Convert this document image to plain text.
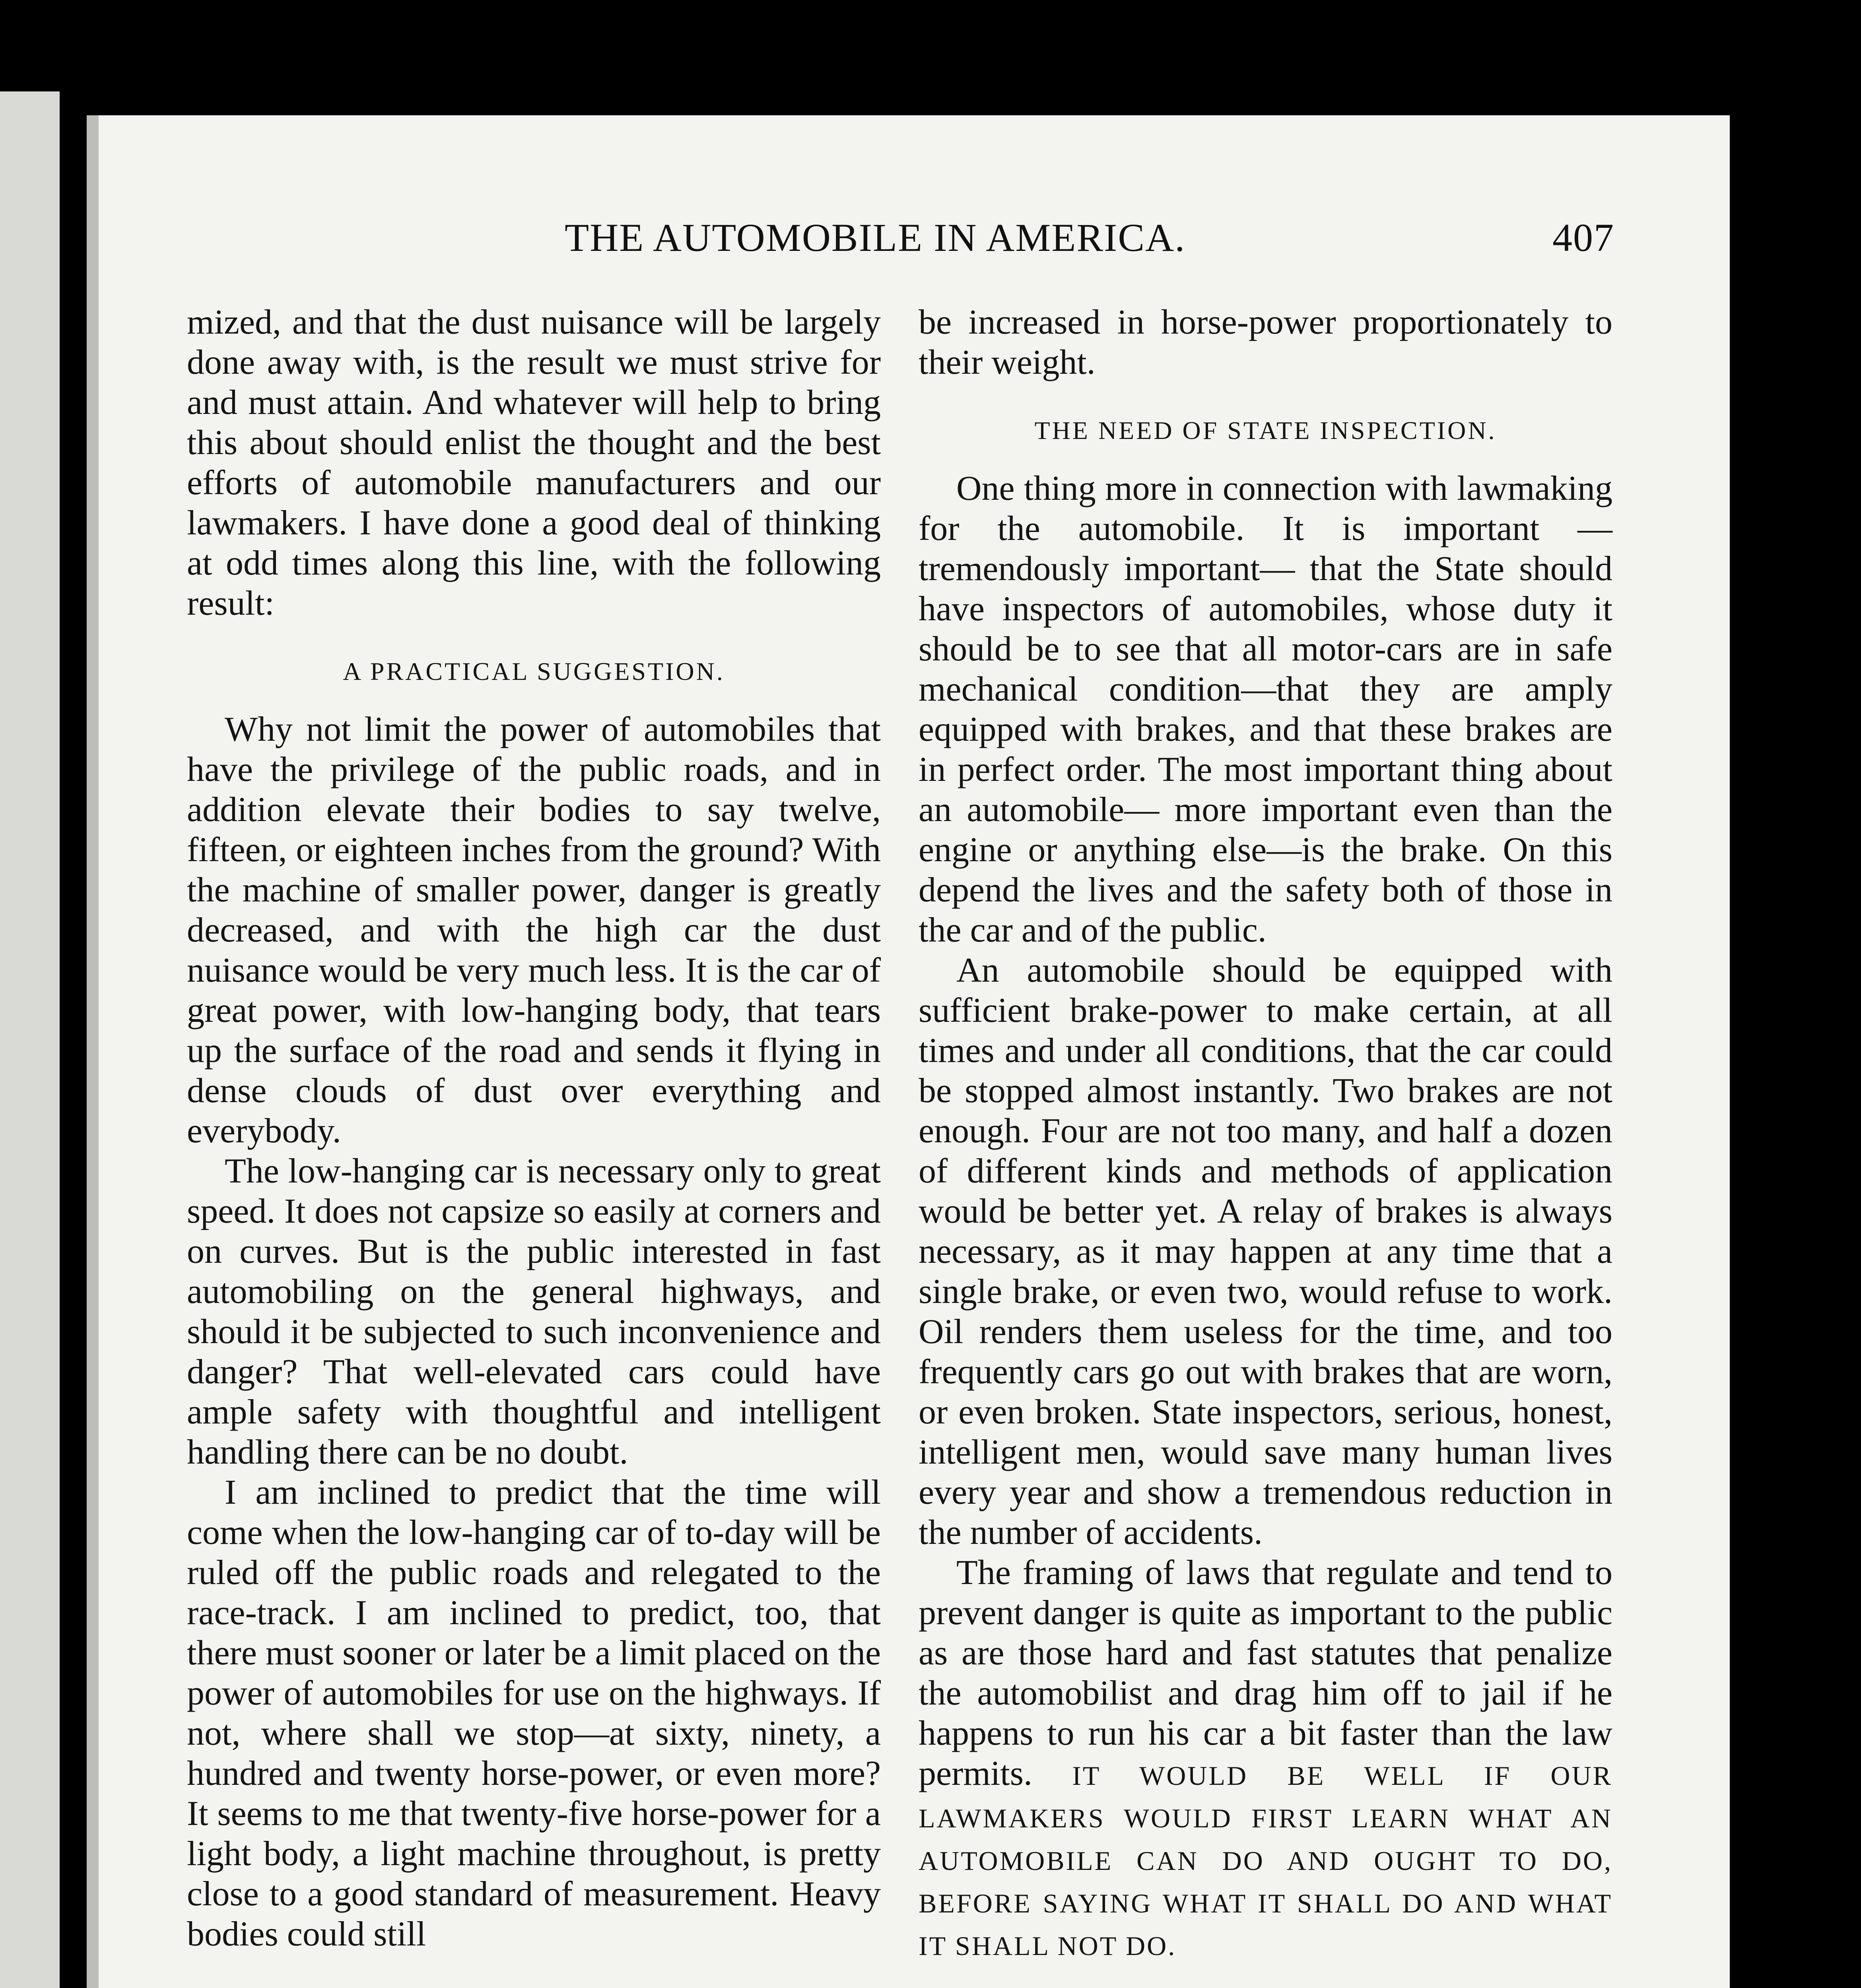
THE AUTOMOBILE IN AMERICA.	407

mized, and that the dust nuisance will be largely done away with, is the result we must strive for and must attain. And whatever will help to bring this about should enlist the thought and the best efforts of automobile manufacturers and our lawmakers. I have done a good deal of thinking at odd times along this line, with the following result:

A PRACTICAL SUGGESTION.

Why not limit the power of automobiles that have the privilege of the public roads, and in addition elevate their bodies to say twelve, fifteen, or eighteen inches from the ground? With the machine of smaller power, danger is greatly decreased, and with the high car the dust nuisance would be very much less. It is the car of great power, with low-hanging body, that tears up the surface of the road and sends it flying in dense clouds of dust over everything and everybody.

The low-hanging car is necessary only to great speed. It does not capsize so easily at corners and on curves. But is the public interested in fast automobiling on the general highways, and should it be subjected to such inconvenience and danger? That well-elevated cars could have ample safety with thoughtful and intelligent handling there can be no doubt.

I am inclined to predict that the time will come when the low-hanging car of to-day will be ruled off the public roads and relegated to the race-track. I am inclined to predict, too, that there must sooner or later be a limit placed on the power of automobiles for use on the highways. If not, where shall we stop—at sixty, ninety, a hundred and twenty horse-power, or even more? It seems to me that twenty-five horse-power for a light body, a light machine throughout, is pretty close to a good standard of measurement. Heavy bodies could still

be increased in horse-power proportionately to their weight.

THE NEED OF STATE INSPECTION.

One thing more in connection with lawmaking for the automobile. It is important — tremendously important— that the State should have inspectors of automobiles, whose duty it should be to see that all motor-cars are in safe mechanical condition—that they are amply equipped with brakes, and that these brakes are in perfect order. The most important thing about an automobile— more important even than the engine or anything else—is the brake. On this depend the lives and the safety both of those in the car and of the public.

An automobile should be equipped with sufficient brake-power to make certain, at all times and under all conditions, that the car could be stopped almost instantly. Two brakes are not enough. Four are not too many, and half a dozen of different kinds and methods of application would be better yet. A relay of brakes is always necessary, as it may happen at any time that a single brake, or even two, would refuse to work. Oil renders them useless for the time, and too frequently cars go out with brakes that are worn, or even broken. State inspectors, serious, honest, intelligent men, would save many human lives every year and show a tremendous reduction in the number of accidents.

The framing of laws that regulate and tend to prevent danger is quite as important to the public as are those hard and fast statutes that penalize the automobilist and drag him off to jail if he happens to run his car a bit faster than the law permits. IT WOULD BE WELL IF OUR LAWMAKERS WOULD FIRST LEARN WHAT AN AUTOMOBILE CAN DO AND OUGHT TO DO, BEFORE SAYING WHAT IT SHALL DO AND WHAT IT SHALL NOT DO.
